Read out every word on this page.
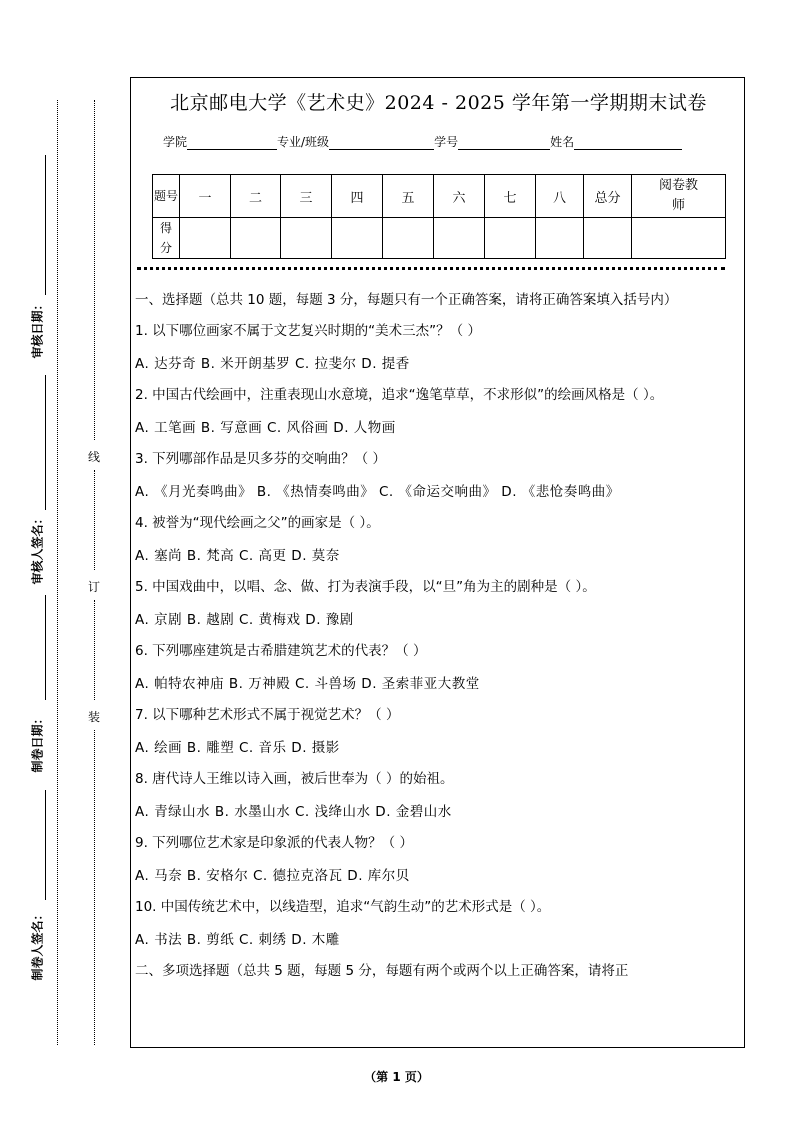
审核日期：
审核人签名：
制卷日期：
制卷人签名：
线
订
装
北京邮电大学《艺术史》2024 - 2025 学年第一学期期末试卷
学院	专业/班级	学号	姓名
题号	一	二	三	四	五	六	七	八	总分	阅卷教师
得分										

一、选择题（总共 10 题，每题 3 分，每题只有一个正确答案，请将正确答案填入括号内）

1. 以下哪位画家不属于文艺复兴时期的“美术三杰”？（ ）

A. 达芬奇 B. 米开朗基罗 C. 拉斐尔 D. 提香

2. 中国古代绘画中，注重表现山水意境，追求“逸笔草草，不求形似”的绘画风格是（ ）。

A. 工笔画 B. 写意画 C. 风俗画 D. 人物画

3. 下列哪部作品是贝多芬的交响曲？（ ）

A. 《月光奏鸣曲》 B. 《热情奏鸣曲》 C. 《命运交响曲》 D. 《悲怆奏鸣曲》

4. 被誉为“现代绘画之父”的画家是（ ）。

A. 塞尚 B. 梵高 C. 高更 D. 莫奈

5. 中国戏曲中，以唱、念、做、打为表演手段，以“旦”角为主的剧种是（ ）。

A. 京剧 B. 越剧 C. 黄梅戏 D. 豫剧

6. 下列哪座建筑是古希腊建筑艺术的代表？（ ）

A. 帕特农神庙 B. 万神殿 C. 斗兽场 D. 圣索菲亚大教堂

7. 以下哪种艺术形式不属于视觉艺术？（ ）

A. 绘画 B. 雕塑 C. 音乐 D. 摄影

8. 唐代诗人王维以诗入画，被后世奉为（ ）的始祖。

A. 青绿山水 B. 水墨山水 C. 浅绛山水 D. 金碧山水

9. 下列哪位艺术家是印象派的代表人物？（ ）

A. 马奈 B. 安格尔 C. 德拉克洛瓦 D. 库尔贝

10. 中国传统艺术中，以线造型，追求“气韵生动”的艺术形式是（ ）。

A. 书法 B. 剪纸 C. 刺绣 D. 木雕

二、多项选择题（总共 5 题，每题 5 分，每题有两个或两个以上正确答案，请将正

（第 1 页）
